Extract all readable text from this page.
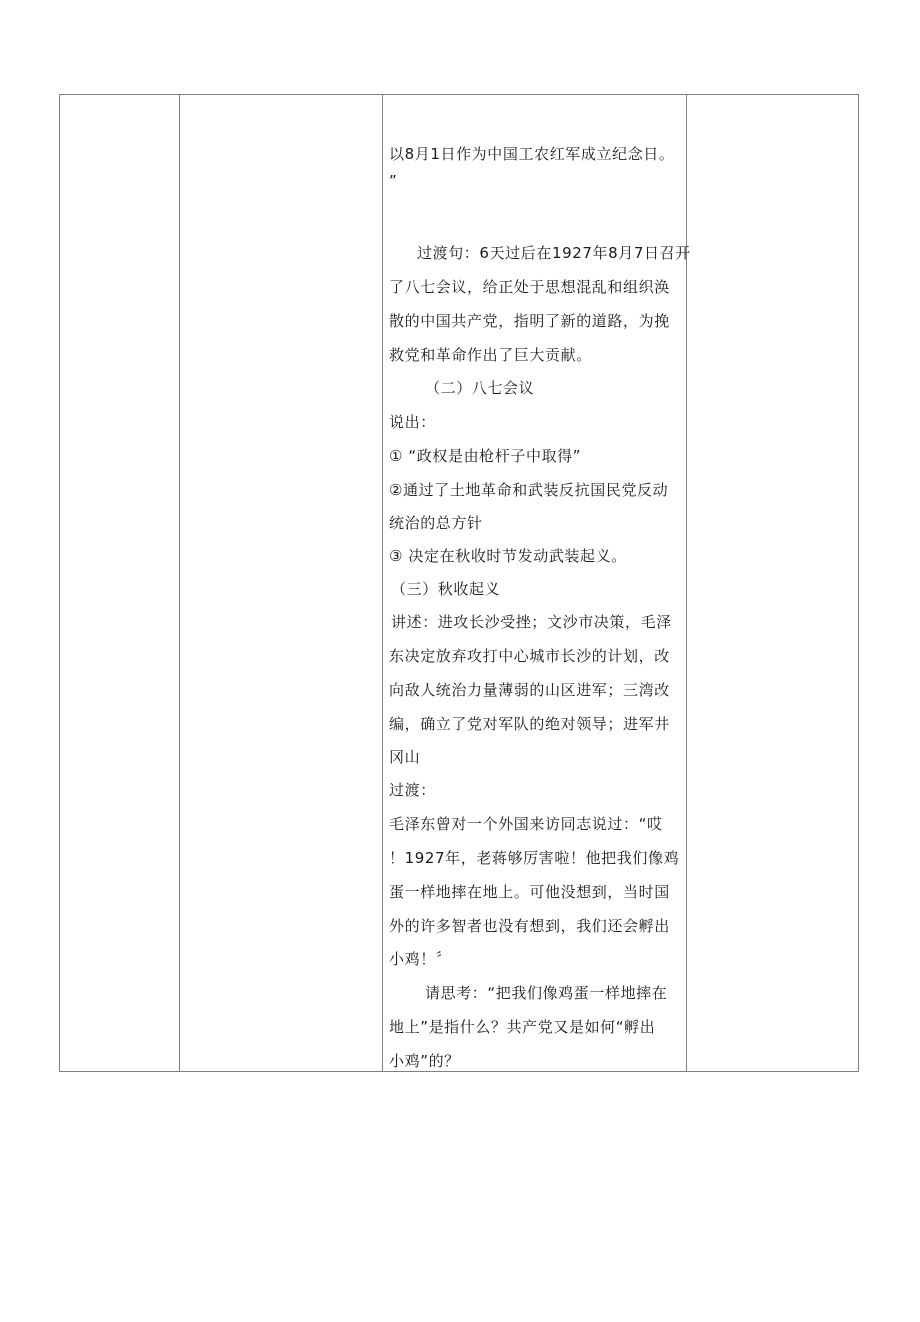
以8月1日作为中国工农红军成立纪念日。
”
过渡句：6天过后在1927年8月7日召开
了八七会议，给正处于思想混乱和组织涣
散的中国共产党，指明了新的道路，为挽
救党和革命作出了巨大贡献。
（二）八七会议
说出：
① “政权是由枪杆子中取得”
②通过了土地革命和武装反抗国民党反动
统治的总方针
③ 决定在秋收时节发动武装起义。
（三）秋收起义
讲述：进攻长沙受挫；文沙市决策，毛泽
东决定放弃攻打中心城市长沙的计划，改
向敌人统治力量薄弱的山区进军；三湾改
编，确立了党对军队的绝对领导；进军井
冈山
过渡：
毛泽东曾对一个外国来访同志说过：“哎
！1927年，老蒋够厉害啦！他把我们像鸡
蛋一样地摔在地上。可他没想到，当时国
外的许多智者也没有想到，我们还会孵出
小鸡！〞
请思考：“把我们像鸡蛋一样地摔在
地上”是指什么？共产党又是如何“孵出
小鸡”的？
